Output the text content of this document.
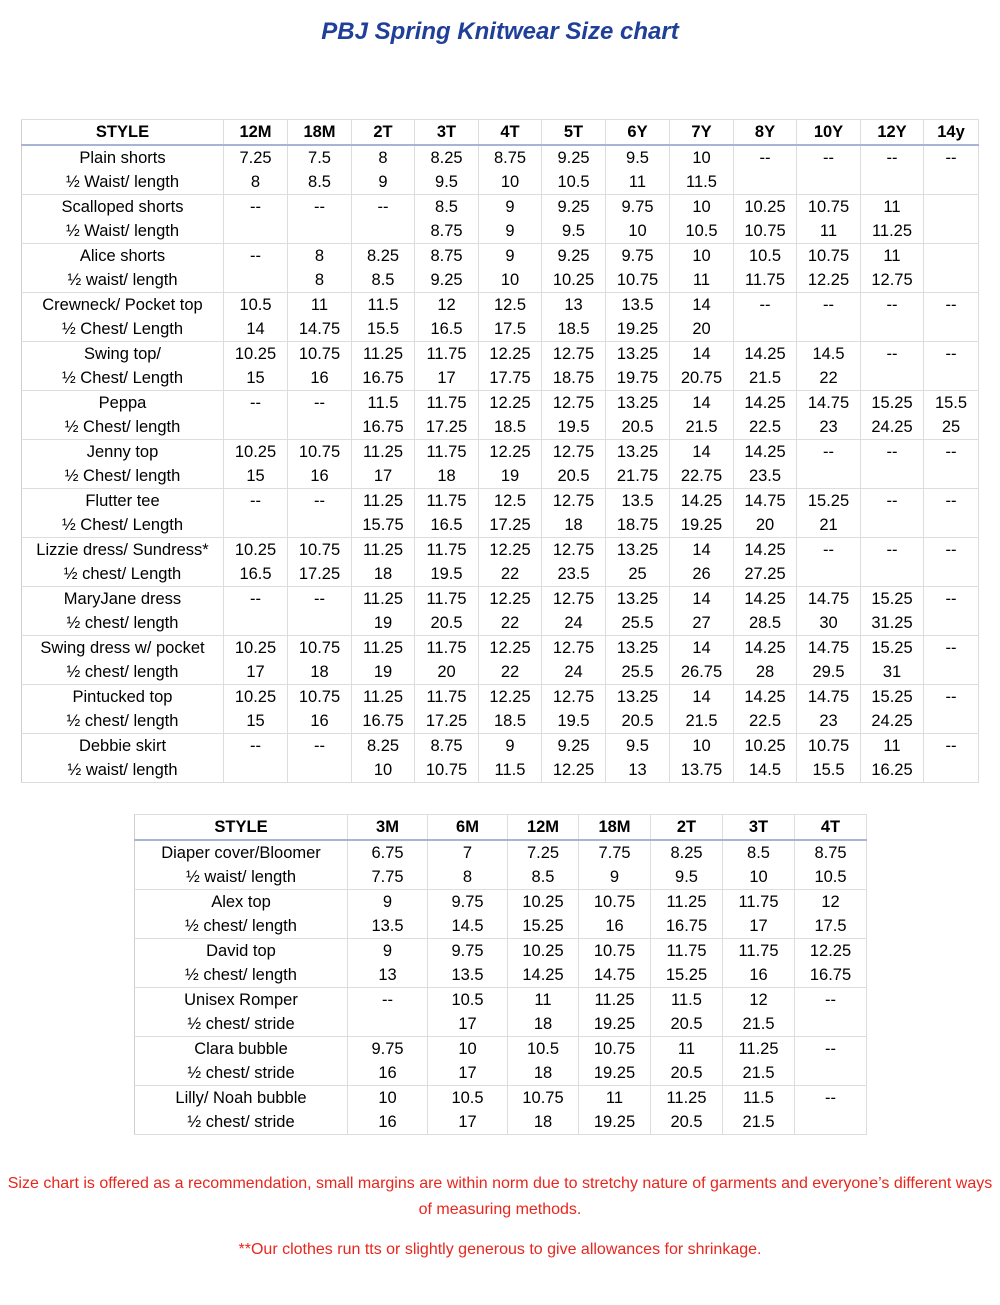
PBJ Spring Knitwear Size chart
STYLE	12M	18M	2T	3T	4T	5T	6Y	7Y	8Y	10Y	12Y	14y
Plain shorts	7.25	7.5	8	8.25	8.75	9.25	9.5	10	--	--	--	--
½ Waist/ length	8	8.5	9	9.5	10	10.5	11	11.5				
Scalloped shorts	--	--	--	8.5	9	9.25	9.75	10	10.25	10.75	11	
½ Waist/ length				8.75	9	9.5	10	10.5	10.75	11	11.25	
Alice shorts	--	8	8.25	8.75	9	9.25	9.75	10	10.5	10.75	11	
½ waist/ length		8	8.5	9.25	10	10.25	10.75	11	11.75	12.25	12.75	
Crewneck/ Pocket top	10.5	11	11.5	12	12.5	13	13.5	14	--	--	--	--
½ Chest/ Length	14	14.75	15.5	16.5	17.5	18.5	19.25	20				
Swing top/	10.25	10.75	11.25	11.75	12.25	12.75	13.25	14	14.25	14.5	--	--
½ Chest/ Length	15	16	16.75	17	17.75	18.75	19.75	20.75	21.5	22		
Peppa	--	--	11.5	11.75	12.25	12.75	13.25	14	14.25	14.75	15.25	15.5
½ Chest/ length			16.75	17.25	18.5	19.5	20.5	21.5	22.5	23	24.25	25
Jenny top	10.25	10.75	11.25	11.75	12.25	12.75	13.25	14	14.25	--	--	--
½ Chest/ length	15	16	17	18	19	20.5	21.75	22.75	23.5			
Flutter tee	--	--	11.25	11.75	12.5	12.75	13.5	14.25	14.75	15.25	--	--
½ Chest/ Length			15.75	16.5	17.25	18	18.75	19.25	20	21		
Lizzie dress/ Sundress*	10.25	10.75	11.25	11.75	12.25	12.75	13.25	14	14.25	--	--	--
½ chest/ Length	16.5	17.25	18	19.5	22	23.5	25	26	27.25			
MaryJane dress	--	--	11.25	11.75	12.25	12.75	13.25	14	14.25	14.75	15.25	--
½ chest/ length			19	20.5	22	24	25.5	27	28.5	30	31.25	
Swing dress w/ pocket	10.25	10.75	11.25	11.75	12.25	12.75	13.25	14	14.25	14.75	15.25	--
½ chest/ length	17	18	19	20	22	24	25.5	26.75	28	29.5	31	
Pintucked top	10.25	10.75	11.25	11.75	12.25	12.75	13.25	14	14.25	14.75	15.25	--
½ chest/ length	15	16	16.75	17.25	18.5	19.5	20.5	21.5	22.5	23	24.25	
Debbie skirt	--	--	8.25	8.75	9	9.25	9.5	10	10.25	10.75	11	--
½ waist/ length			10	10.75	11.5	12.25	13	13.75	14.5	15.5	16.25	
STYLE	3M	6M	12M	18M	2T	3T	4T
Diaper cover/Bloomer	6.75	7	7.25	7.75	8.25	8.5	8.75
½ waist/ length	7.75	8	8.5	9	9.5	10	10.5
Alex top	9	9.75	10.25	10.75	11.25	11.75	12
½ chest/ length	13.5	14.5	15.25	16	16.75	17	17.5
David top	9	9.75	10.25	10.75	11.75	11.75	12.25
½ chest/ length	13	13.5	14.25	14.75	15.25	16	16.75
Unisex Romper	--	10.5	11	11.25	11.5	12	--
½ chest/ stride		17	18	19.25	20.5	21.5	
Clara bubble	9.75	10	10.5	10.75	11	11.25	--
½ chest/ stride	16	17	18	19.25	20.5	21.5	
Lilly/ Noah bubble	10	10.5	10.75	11	11.25	11.5	--
½ chest/ stride	16	17	18	19.25	20.5	21.5	
Size chart is offered as a recommendation, small margins are within norm due to stretchy nature of garments and everyone’s different ways of measuring methods.
**Our clothes run tts or slightly generous to give allowances for shrinkage.
